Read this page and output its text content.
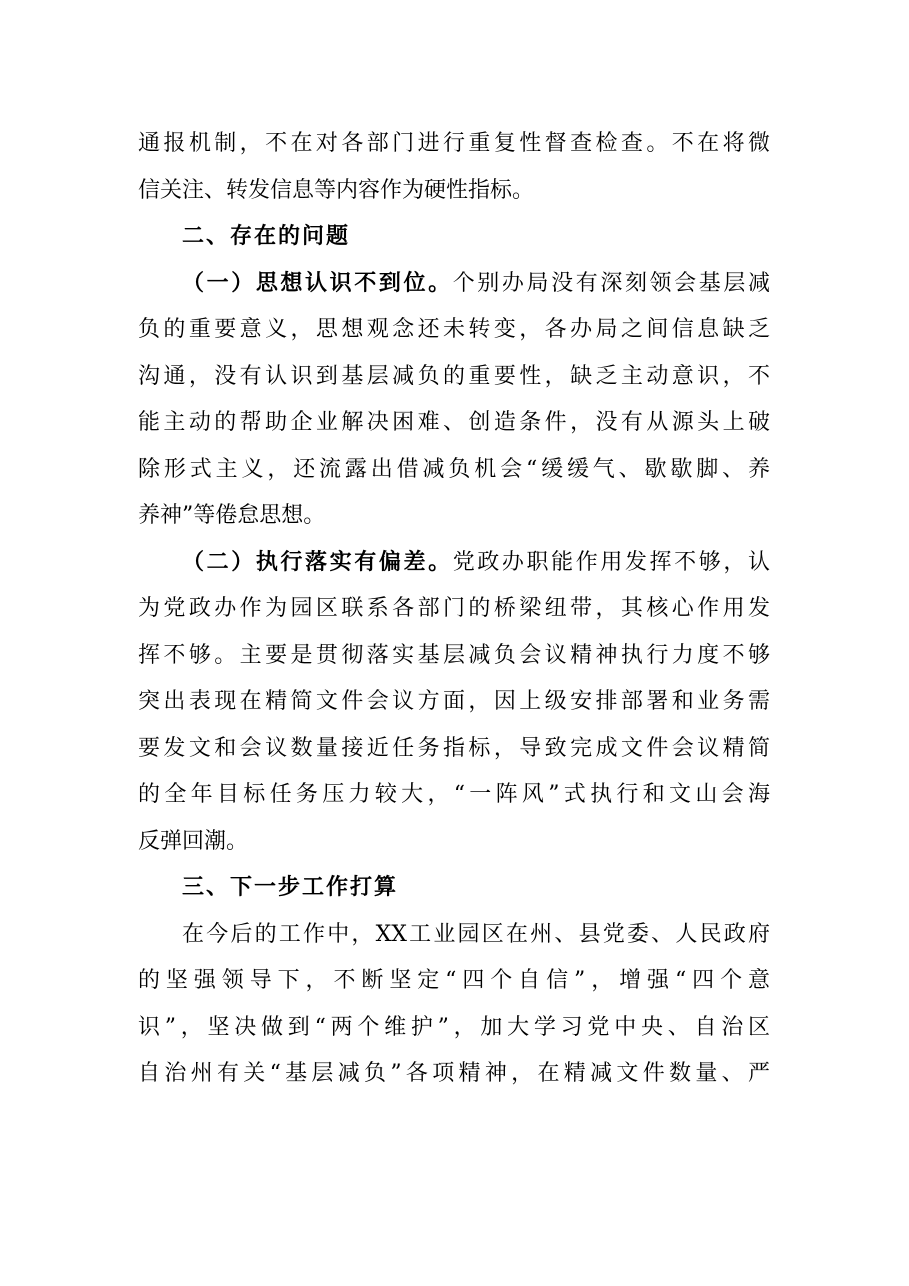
通报机制，不在对各部门进行重复性督查检查。不在将微
信关注、转发信息等内容作为硬性指标。
二、存在的问题
（一）思想认识不到位。个别办局没有深刻领会基层减
负的重要意义，思想观念还未转变，各办局之间信息缺乏
沟通，没有认识到基层减负的重要性，缺乏主动意识，不
能主动的帮助企业解决困难、创造条件，没有从源头上破
除形式主义，还流露出借减负机会“缓缓气、歇歇脚、养
养神”等倦怠思想。
（二）执行落实有偏差。党政办职能作用发挥不够，认
为党政办作为园区联系各部门的桥梁纽带，其核心作用发
挥不够。主要是贯彻落实基层减负会议精神执行力度不够
突出表现在精简文件会议方面，因上级安排部署和业务需
要发文和会议数量接近任务指标，导致完成文件会议精简
的全年目标任务压力较大，“一阵风”式执行和文山会海
反弹回潮。
三、下一步工作打算
在今后的工作中，XX工业园区在州、县党委、人民政府
的坚强领导下，不断坚定“四个自信”，增强“四个意
识”，坚决做到“两个维护”，加大学习党中央、自治区
自治州有关“基层减负”各项精神，在精减文件数量、严
